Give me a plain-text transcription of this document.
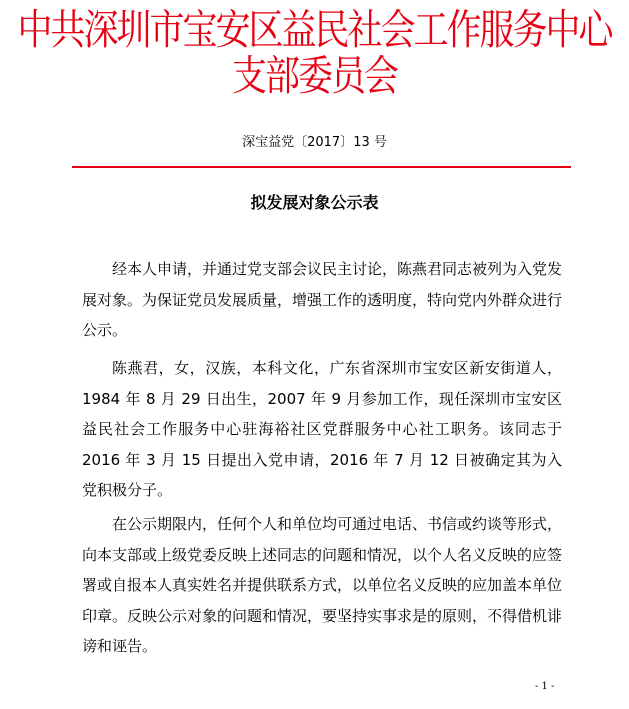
中共深圳市宝安区益民社会工作服务中心
支部委员会
深宝益党〔2017〕13 号
拟发展对象公示表

经本人申请，并通过党支部会议民主讨论，陈燕君同志被列为入党发展对象。为保证党员发展质量，增强工作的透明度，特向党内外群众进行公示。

陈燕君，女，汉族，本科文化，广东省深圳市宝安区新安街道人，1984 年 8 月 29 日出生，2007 年 9 月参加工作，现任深圳市宝安区益民社会工作服务中心驻海裕社区党群服务中心社工职务。该同志于 2016 年 3 月 15 日提出入党申请，2016 年 7 月 12 日被确定其为入党积极分子。

在公示期限内，任何个人和单位均可通过电话、书信或约谈等形式，向本支部或上级党委反映上述同志的问题和情况，以个人名义反映的应签署或自报本人真实姓名并提供联系方式，以单位名义反映的应加盖本单位印章。反映公示对象的问题和情况，要坚持实事求是的原则，不得借机诽谤和诬告。

- 1 -
